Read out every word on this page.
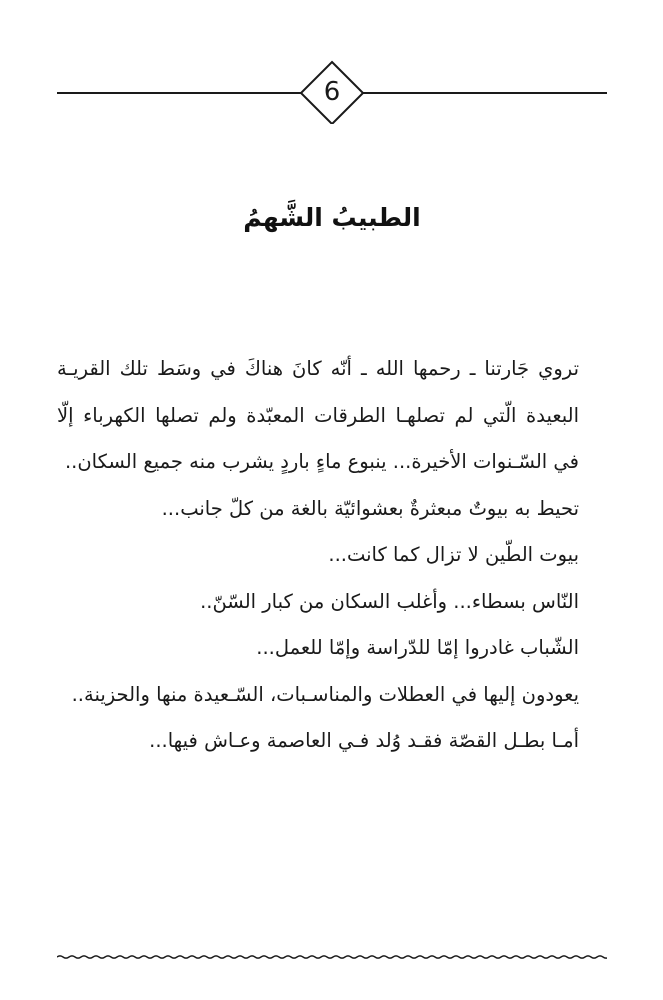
6
الطبيبُ الشَّهمُ

تروي جَارتنا ـ رحمها الله ـ أنّه كانَ هناكَ في وسَط تلك القريـة البعيدة الّتي لم تصلهـا الطرقات المعبّدة ولم تصلها الكهرباء إلّا في السّـنوات الأخيرة... ينبوع ماءٍ باردٍ يشرب منه جميع السكان..

تحيط به بيوتٌ مبعثرةٌ بعشوائيّة بالغة من كلّ جانب...

بيوت الطّين لا تزال كما كانت...

النّاس بسطاء... وأغلب السكان من كبار السّنّ..

الشّباب غادروا إمّا للدّراسة وإمّا للعمل...

يعودون إليها في العطلات والمناسـبات، السّـعيدة منها والحزينة..

أمـا بطـل القصّة فقـد وُلد فـي العاصمة وعـاش فيها...
